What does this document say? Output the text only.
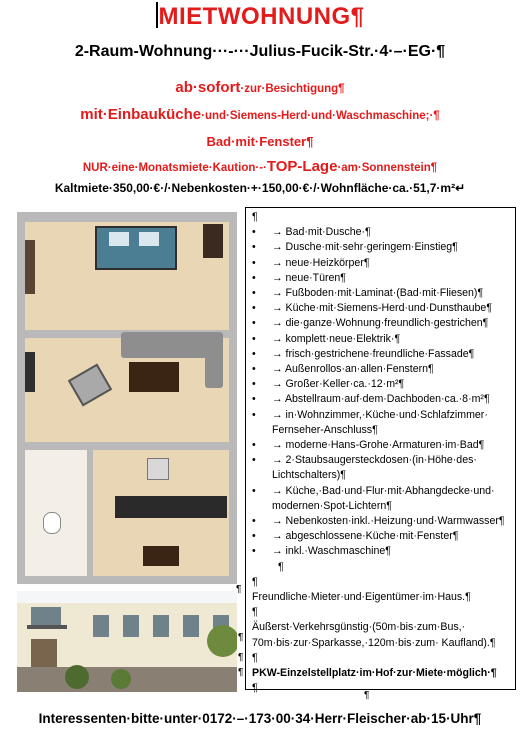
MIETWOHNUNG¶
2-Raum-Wohnung···-···Julius-Fucik-Str.·4·–·EG·¶
ab·sofort·zur·Besichtigung¶
mit·Einbauküche·und·Siemens-Herd·und·Waschmaschine;·¶
Bad·mit·Fenster¶
NUR·eine·Monatsmiete·Kaution·-·TOP-Lage·am·Sonnenstein¶
Kaltmiete·350,00·€·/·Nebenkosten·+·150,00·€·/·Wohnfläche·ca.·51,7·m²↵
¶
¶
¶
¶
¶
• → Bad·mit·Dusche·¶
• → Dusche·mit·sehr·geringem·Einstieg¶
• → neue·Heizkörper¶
• → neue·Türen¶
• → Fußboden·mit·Laminat·(Bad·mit·Fliesen)¶
• → Küche·mit·Siemens-Herd·und·Dunsthaube¶
• → die·ganze·Wohnung·freundlich·gestrichen¶
• → komplett·neue·Elektrik·¶
• → frisch·gestrichene·freundliche·Fassade¶
• → Außenrollos·an·allen·Fenstern¶
• → Großer·Keller·ca.·12·m²¶
• → Abstellraum·auf·dem·Dachboden·ca.·8·m²¶
• → in·Wohnzimmer,·Küche·und·Schlafzimmer· Fernseher-Anschluss¶
• → moderne·Hans-Grohe·Armaturen·im·Bad¶
• → 2·Staubsaugersteckdosen·(in·Höhe·des· Lichtschalters)¶
• → Küche,·Bad·und·Flur·mit·Abhangdecke·und· modernen·Spot-Lichtern¶
• → Nebenkosten·inkl.·Heizung·und·Warmwasser¶
• → abgeschlossene·Küche·mit·Fenster¶
• → inkl.·Waschmaschine¶
¶
¶
Freundliche·Mieter·und·Eigentümer·im·Haus.¶
¶
Äußerst·Verkehrsgünstig·(50m·bis·zum·Bus,· 70m·bis·zur·Sparkasse,·120m·bis·zum· Kaufland).¶
¶
PKW-Einzelstellplatz·im·Hof·zur·Miete·möglich·¶
¶
¶
Interessenten·bitte·unter·0172·–·173·00·34·Herr·Fleischer·ab·15·Uhr¶
